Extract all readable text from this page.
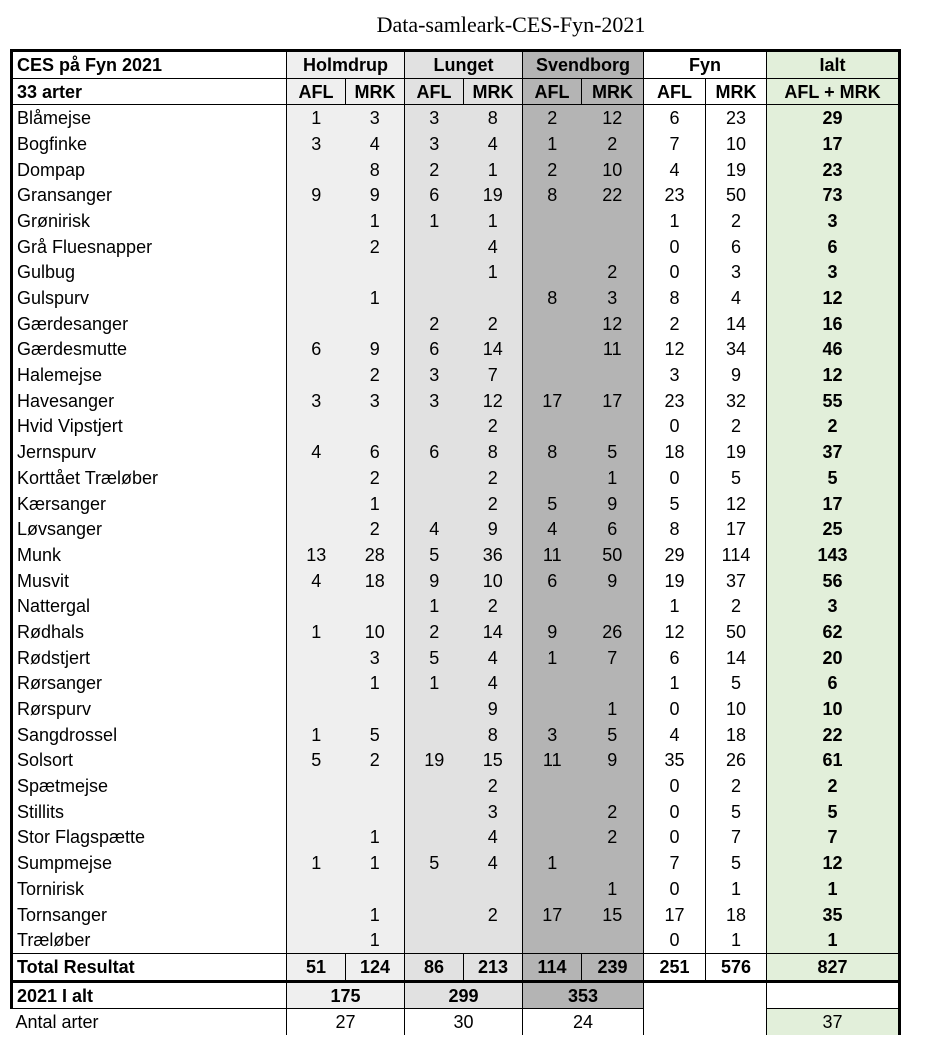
Data-samleark-CES-Fyn-2021
CES på Fyn 2021	Holmdrup		Lunget		Svendborg		Fyn		Ialt
33 arter	AFL	MRK	AFL	MRK	AFL	MRK	AFL	MRK	AFL + MRK
Blåmejse	1	3	3	8	2	12	6	23	29
Bogfinke	3	4	3	4	1	2	7	10	17
Dompap		8	2	1	2	10	4	19	23
Gransanger	9	9	6	19	8	22	23	50	73
Grønirisk		1	1	1			1	2	3
Grå Fluesnapper		2		4			0	6	6
Gulbug				1		2	0	3	3
Gulspurv		1			8	3	8	4	12
Gærdesanger			2	2		12	2	14	16
Gærdesmutte	6	9	6	14		11	12	34	46
Halemejse		2	3	7			3	9	12
Havesanger	3	3	3	12	17	17	23	32	55
Hvid Vipstjert				2			0	2	2
Jernspurv	4	6	6	8	8	5	18	19	37
Korttået Træløber		2		2		1	0	5	5
Kærsanger		1		2	5	9	5	12	17
Løvsanger		2	4	9	4	6	8	17	25
Munk	13	28	5	36	11	50	29	114	143
Musvit	4	18	9	10	6	9	19	37	56
Nattergal			1	2			1	2	3
Rødhals	1	10	2	14	9	26	12	50	62
Rødstjert		3	5	4	1	7	6	14	20
Rørsanger		1	1	4			1	5	6
Rørspurv				9		1	0	10	10
Sangdrossel	1	5		8	3	5	4	18	22
Solsort	5	2	19	15	11	9	35	26	61
Spætmejse				2			0	2	2
Stillits				3		2	0	5	5
Stor Flagspætte		1		4		2	0	7	7
Sumpmejse	1	1	5	4	1		7	5	12
Tornirisk						1	0	1	1
Tornsanger		1		2	17	15	17	18	35
Træløber		1					0	1	1
Total Resultat	51	124	86	213	114	239	251	576	827
2021 I alt	175		299		353				
Antal arter	27		30		24				37
